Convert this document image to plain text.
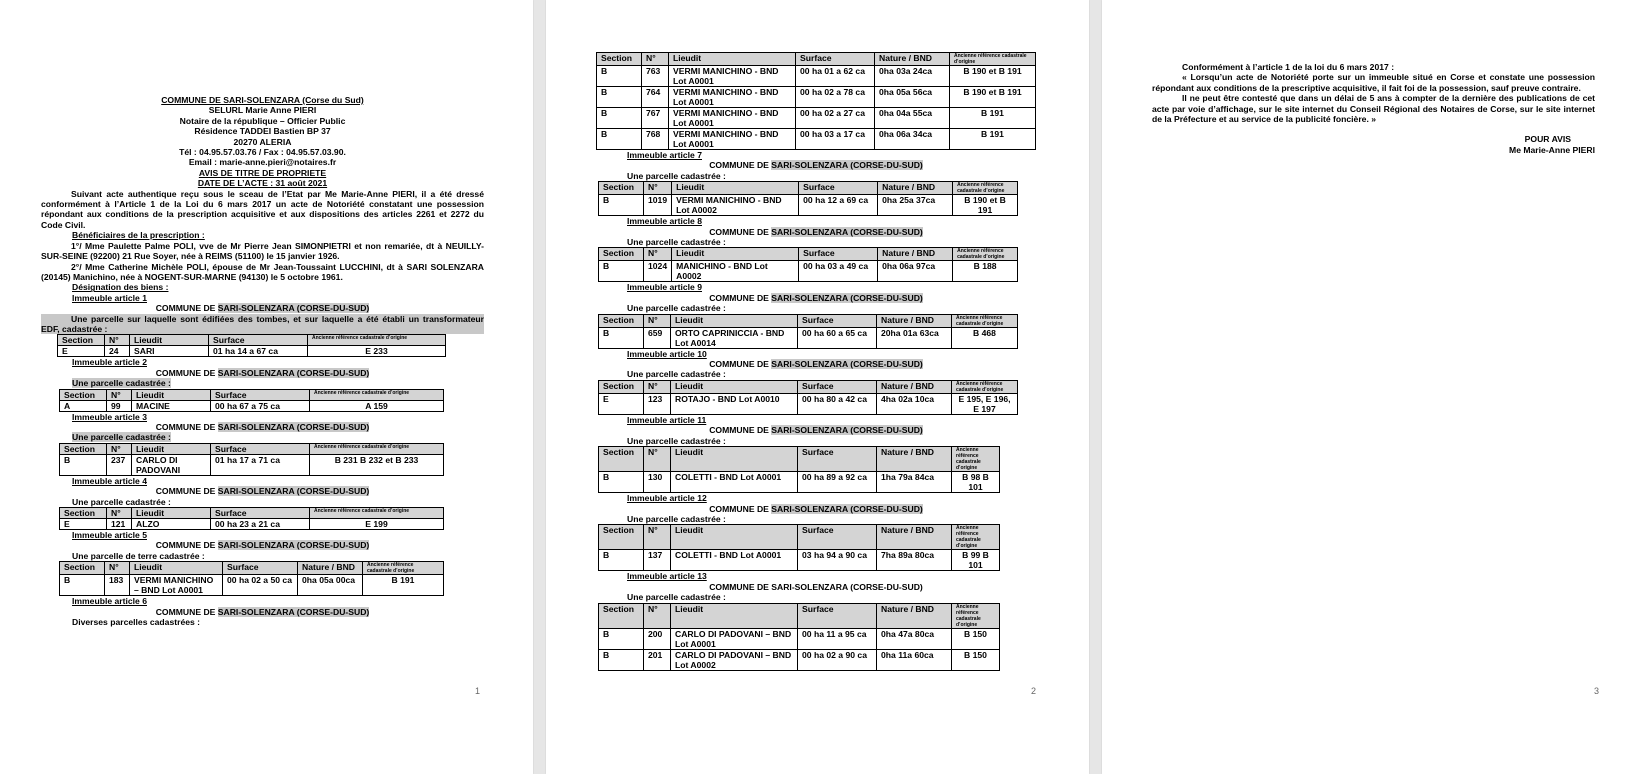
COMMUNE DE SARI-SOLENZARA (Corse du Sud)
SELURL Marie Anne PIERI
Notaire de la république – Officier Public
Résidence TADDEI Bastien BP 37
20270 ALERIA
Tél : 04.95.57.03.76 / Fax : 04.95.57.03.90.
Email : marie-anne.pieri@notaires.fr
AVIS DE TITRE DE PROPRIETE
DATE DE L’ACTE : 31 août 2021
Suivant acte authentique reçu sous le sceau de l’Etat par Me Marie-Anne PIERI, il a été dressé conformément à l’Article 1 de la Loi du 6 mars 2017 un acte de Notoriété constatant une possession répondant aux conditions de la prescription acquisitive et aux dispositions des articles 2261 et 2272 du Code Civil.
Bénéficiaires de la prescription :
1°/ Mme Paulette Palme POLI, vve de Mr Pierre Jean SIMONPIETRI et non remariée, dt à NEUILLY-SUR-SEINE (92200) 21 Rue Soyer, née à REIMS (51100) le 15 janvier 1926.
2°/ Mme Catherine Michèle POLI, épouse de Mr Jean-Toussaint LUCCHINI, dt à SARI SOLENZARA (20145) Manichino, née à NOGENT-SUR-MARNE (94130) le 5 octobre 1961.
Désignation des biens :
Immeuble article 1
COMMUNE DE SARI-SOLENZARA (CORSE-DU-SUD)
Une parcelle sur laquelle sont édifiées des tombes, et sur laquelle a été établi un transformateur EDF, cadastrée :
Section	N°	Lieudit	Surface	Ancienne référence cadastrale d’origine
E	24	SARI	01 ha 14 a 67 ca	E 233
Immeuble article 2
COMMUNE DE SARI-SOLENZARA (CORSE-DU-SUD)
Une parcelle cadastrée :
Section	N°	Lieudit	Surface	Ancienne référence cadastrale d’origine
A	99	MACINE	00 ha 67 a 75 ca	A 159
Immeuble article 3
COMMUNE DE SARI-SOLENZARA (CORSE-DU-SUD)
Une parcelle cadastrée :
Section	N°	Lieudit	Surface	Ancienne référence cadastrale d’origine
B	237	CARLO DI PADOVANI	01 ha 17 a 71 ca	B 231 B 232 et B 233
Immeuble article 4
COMMUNE DE SARI-SOLENZARA (CORSE-DU-SUD)
Une parcelle cadastrée :
Section	N°	Lieudit	Surface	Ancienne référence cadastrale d’origine
E	121	ALZO	00 ha 23 a 21 ca	E 199
Immeuble article 5
COMMUNE DE SARI-SOLENZARA (CORSE-DU-SUD)
Une parcelle de terre cadastrée :
Section	N°	Lieudit	Surface	Nature / BND	Ancienne référence cadastrale d’origine
B	183	VERMI MANICHINO – BND Lot A0001	00 ha 02 a 50 ca	0ha 05a 00ca	B 191
Immeuble article 6
COMMUNE DE SARI-SOLENZARA (CORSE-DU-SUD)
Diverses parcelles cadastrées :
1
Section	N°	Lieudit	Surface	Nature / BND	Ancienne référence cadastrale d’origine
B	763	VERMI MANICHINO - BND Lot A0001	00 ha 01 a 62 ca	0ha 03a 24ca	B 190 et B 191
B	764	VERMI MANICHINO - BND Lot A0001	00 ha 02 a 78 ca	0ha 05a 56ca	B 190 et B 191
B	767	VERMI MANICHINO - BND Lot A0001	00 ha 02 a 27 ca	0ha 04a 55ca	B 191
B	768	VERMI MANICHINO - BND Lot A0001	00 ha 03 a 17 ca	0ha 06a 34ca	B 191
Immeuble article 7
COMMUNE DE SARI-SOLENZARA (CORSE-DU-SUD)
Une parcelle cadastrée :
Section	N°	Lieudit	Surface	Nature / BND	Ancienne référence cadastrale d’origine
B	1019	VERMI MANICHINO - BND Lot A0002	00 ha 12 a 69 ca	0ha 25a 37ca	B 190 et B 191
Immeuble article 8
COMMUNE DE SARI-SOLENZARA (CORSE-DU-SUD)
Une parcelle cadastrée :
Section	N°	Lieudit	Surface	Nature / BND	Ancienne référence cadastrale d’origine
B	1024	MANICHINO - BND Lot A0002	00 ha 03 a 49 ca	0ha 06a 97ca	B 188
Immeuble article 9
COMMUNE DE SARI-SOLENZARA (CORSE-DU-SUD)
Une parcelle cadastrée :
Section	N°	Lieudit	Surface	Nature / BND	Ancienne référence cadastrale d’origine
B	659	ORTO CAPRINICCIA - BND Lot A0014	00 ha 60 a 65 ca	20ha 01a 63ca	B 468
Immeuble article 10
COMMUNE DE SARI-SOLENZARA (CORSE-DU-SUD)
Une parcelle cadastrée :
Section	N°	Lieudit	Surface	Nature / BND	Ancienne référence cadastrale d’origine
E	123	ROTAJO - BND Lot A0010	00 ha 80 a 42 ca	4ha 02a 10ca	E 195, E 196, E 197
Immeuble article 11
COMMUNE DE SARI-SOLENZARA (CORSE-DU-SUD)
Une parcelle cadastrée :
Section	N°	Lieudit	Surface	Nature / BND	Ancienne référence cadastrale d’origine
B	130	COLETTI - BND Lot A0001	00 ha 89 a 92 ca	1ha 79a 84ca	B 98 B 101
Immeuble article 12
COMMUNE DE SARI-SOLENZARA (CORSE-DU-SUD)
Une parcelle cadastrée :
Section	N°	Lieudit	Surface	Nature / BND	Ancienne référence cadastrale d’origine
B	137	COLETTI - BND Lot A0001	03 ha 94 a 90 ca	7ha 89a 80ca	B 99 B 101
Immeuble article 13
COMMUNE DE SARI-SOLENZARA (CORSE-DU-SUD)
Une parcelle cadastrée :
Section	N°	Lieudit	Surface	Nature / BND	Ancienne référence cadastrale d’origine
B	200	CARLO DI PADOVANI – BND Lot A0001	00 ha 11 a 95 ca	0ha 47a 80ca	B 150
B	201	CARLO DI PADOVANI – BND Lot A0002	00 ha 02 a 90 ca	0ha 11a 60ca	B 150
2
Conformément à l’article 1 de la loi du 6 mars 2017 :
« Lorsqu’un acte de Notoriété porte sur un immeuble situé en Corse et constate une possession répondant aux conditions de la prescriptive acquisitive, il fait foi de la possession, sauf preuve contraire.
Il ne peut être contesté que dans un délai de 5 ans à compter de la dernière des publications de cet acte par voie d’affichage, sur le site internet du Conseil Régional des Notaires de Corse, sur le site internet de la Préfecture et au service de la publicité foncière. »
POUR AVIS
Me Marie-Anne PIERI
3
